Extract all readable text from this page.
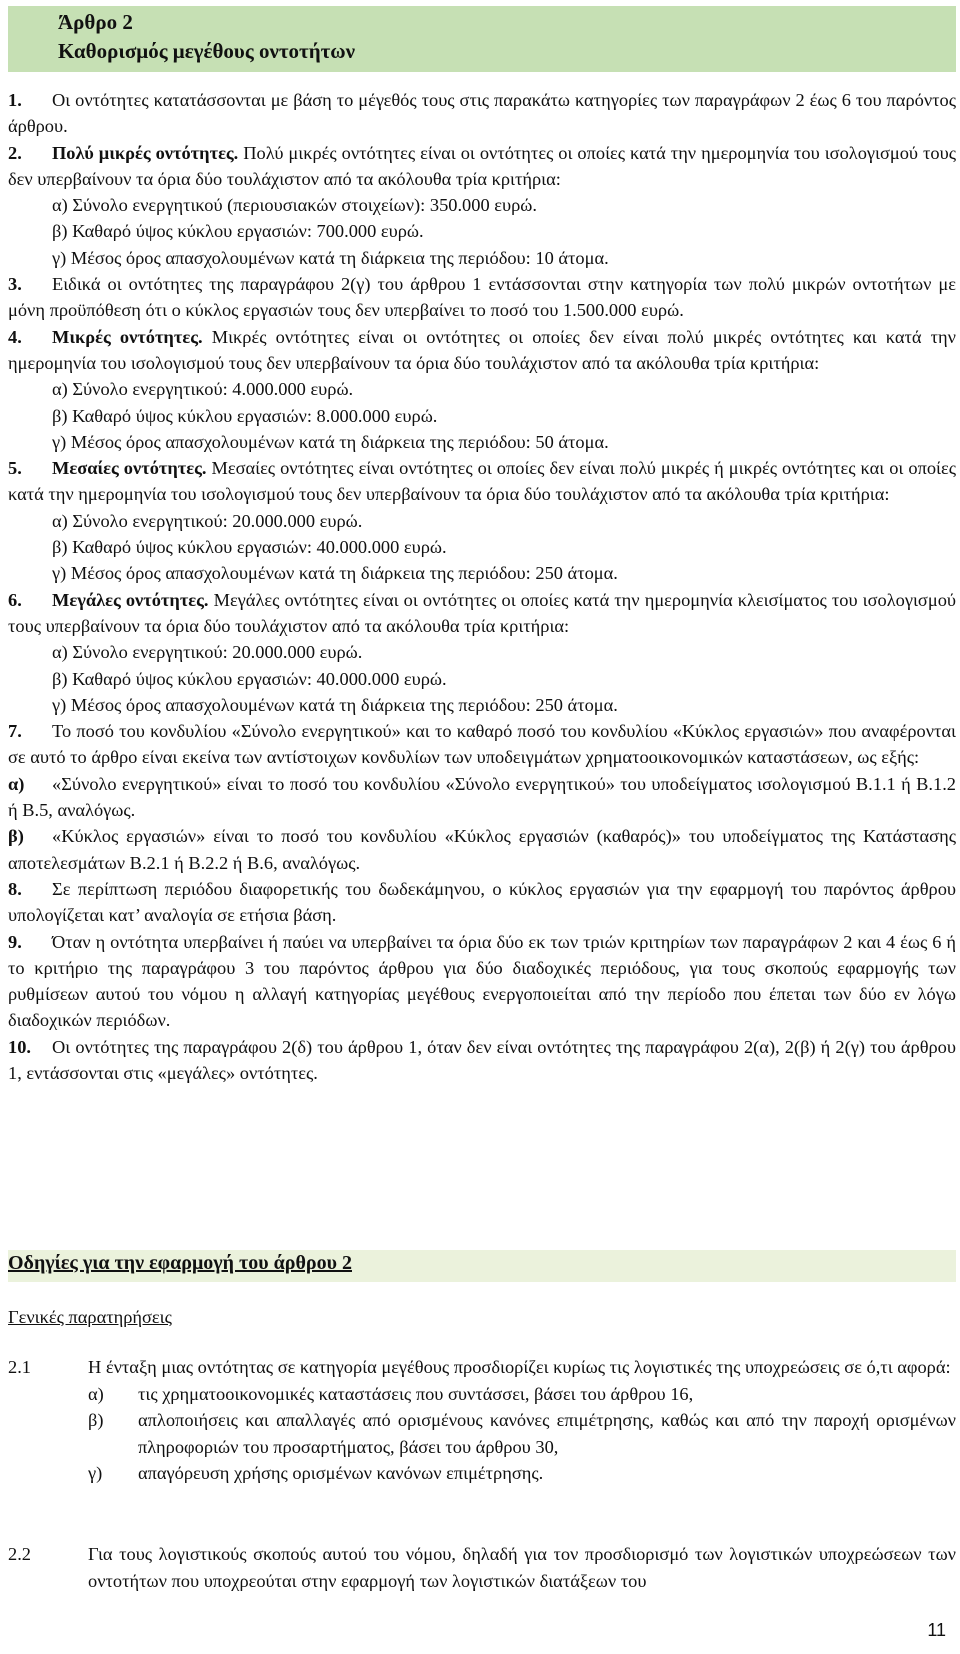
Άρθρο 2
Καθορισμός μεγέθους οντοτήτων

1. Οι οντότητες κατατάσσονται με βάση το μέγεθός τους στις παρακάτω κατηγορίες των παραγράφων 2 έως 6 του παρόντος άρθρου.

2. Πολύ μικρές οντότητες. Πολύ μικρές οντότητες είναι οι οντότητες οι οποίες κατά την ημερομηνία του ισολογισμού τους δεν υπερβαίνουν τα όρια δύο τουλάχιστον από τα ακόλουθα τρία κριτήρια:

α) Σύνολο ενεργητικού (περιουσιακών στοιχείων): 350.000 ευρώ.

β) Καθαρό ύψος κύκλου εργασιών: 700.000 ευρώ.

γ) Μέσος όρος απασχολουμένων κατά τη διάρκεια της περιόδου: 10 άτομα.

3. Ειδικά οι οντότητες της παραγράφου 2(γ) του άρθρου 1 εντάσσονται στην κατηγορία των πολύ μικρών οντοτήτων με μόνη προϋπόθεση ότι ο κύκλος εργασιών τους δεν υπερβαίνει το ποσό του 1.500.000 ευρώ.

4. Μικρές οντότητες. Μικρές οντότητες είναι οι οντότητες οι οποίες δεν είναι πολύ μικρές οντότητες και κατά την ημερομηνία του ισολογισμού τους δεν υπερβαίνουν τα όρια δύο τουλάχιστον από τα ακόλουθα τρία κριτήρια:

α) Σύνολο ενεργητικού: 4.000.000 ευρώ.

β) Καθαρό ύψος κύκλου εργασιών: 8.000.000 ευρώ.

γ) Μέσος όρος απασχολουμένων κατά τη διάρκεια της περιόδου: 50 άτομα.

5. Μεσαίες οντότητες. Μεσαίες οντότητες είναι οντότητες οι οποίες δεν είναι πολύ μικρές ή μικρές οντότητες και οι οποίες κατά την ημερομηνία του ισολογισμού τους δεν υπερβαίνουν τα όρια δύο τουλάχιστον από τα ακόλουθα τρία κριτήρια:

α) Σύνολο ενεργητικού: 20.000.000 ευρώ.

β) Καθαρό ύψος κύκλου εργασιών: 40.000.000 ευρώ.

γ) Μέσος όρος απασχολουμένων κατά τη διάρκεια της περιόδου: 250 άτομα.

6. Μεγάλες οντότητες. Μεγάλες οντότητες είναι οι οντότητες οι οποίες κατά την ημερομηνία κλεισίματος του ισολογισμού τους υπερβαίνουν τα όρια δύο τουλάχιστον από τα ακόλουθα τρία κριτήρια:

α) Σύνολο ενεργητικού: 20.000.000 ευρώ.

β) Καθαρό ύψος κύκλου εργασιών: 40.000.000 ευρώ.

γ) Μέσος όρος απασχολουμένων κατά τη διάρκεια της περιόδου: 250 άτομα.

7. Το ποσό του κονδυλίου «Σύνολο ενεργητικού» και το καθαρό ποσό του κονδυλίου «Κύκλος εργασιών» που αναφέρονται σε αυτό το άρθρο είναι εκείνα των αντίστοιχων κονδυλίων των υποδειγμάτων χρηματοοικονομικών καταστάσεων, ως εξής:

α) «Σύνολο ενεργητικού» είναι το ποσό του κονδυλίου «Σύνολο ενεργητικού» του υποδείγματος ισολογισμού Β.1.1 ή Β.1.2 ή Β.5, αναλόγως.

β) «Κύκλος εργασιών» είναι το ποσό του κονδυλίου «Κύκλος εργασιών (καθαρός)» του υποδείγματος της Κατάστασης αποτελεσμάτων Β.2.1 ή Β.2.2 ή Β.6, αναλόγως.

8. Σε περίπτωση περιόδου διαφορετικής του δωδεκάμηνου, ο κύκλος εργασιών για την εφαρμογή του παρόντος άρθρου υπολογίζεται κατ’ αναλογία σε ετήσια βάση.

9. Όταν η οντότητα υπερβαίνει ή παύει να υπερβαίνει τα όρια δύο εκ των τριών κριτηρίων των παραγράφων 2 και 4 έως 6 ή το κριτήριο της παραγράφου 3 του παρόντος άρθρου για δύο διαδοχικές περιόδους, για τους σκοπούς εφαρμογής των ρυθμίσεων αυτού του νόμου η αλλαγή κατηγορίας μεγέθους ενεργοποιείται από την περίοδο που έπεται των δύο εν λόγω διαδοχικών περιόδων.

10. Οι οντότητες της παραγράφου 2(δ) του άρθρου 1, όταν δεν είναι οντότητες της παραγράφου 2(α), 2(β) ή 2(γ) του άρθρου 1, εντάσσονται στις «μεγάλες» οντότητες.

Οδηγίες για την εφαρμογή του άρθρου 2
Γενικές παρατηρήσεις
2.1	Η ένταξη μιας οντότητας σε κατηγορία μεγέθους προσδιορίζει κυρίως τις λογιστικές της υποχρεώσεις σε ό,τι αφορά:
α) τις χρηματοοικονομικές καταστάσεις που συντάσσει, βάσει του άρθρου 16,
β) απλοποιήσεις και απαλλαγές από ορισμένους κανόνες επιμέτρησης, καθώς και από την παροχή ορισμένων πληροφοριών του προσαρτήματος, βάσει του άρθρου 30,
γ) απαγόρευση χρήσης ορισμένων κανόνων επιμέτρησης.
2.2	Για τους λογιστικούς σκοπούς αυτού του νόμου, δηλαδή για τον προσδιορισμό των λογιστικών υποχρεώσεων των οντοτήτων που υποχρεούται στην εφαρμογή των λογιστικών διατάξεων του
11
